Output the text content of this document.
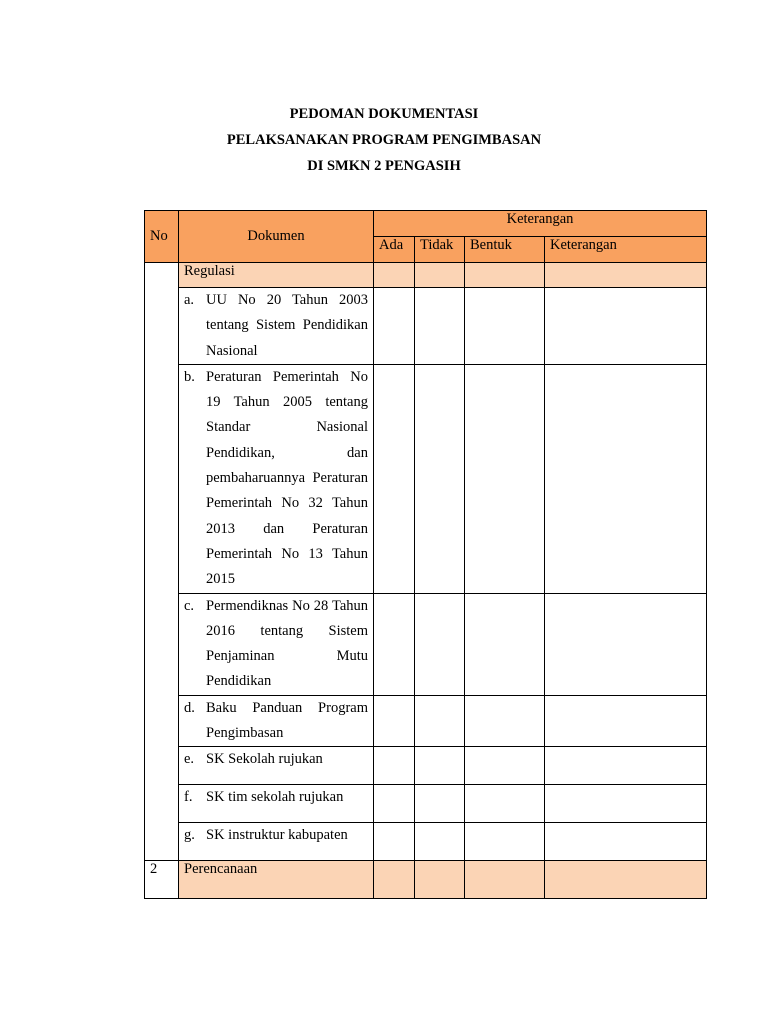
PEDOMAN DOKUMENTASI

PELAKSANAKAN PROGRAM PENGIMBASAN

DI SMKN 2 PENGASIH

No	Dokumen	Keterangan			
		Ada	Tidak	Bentuk	Keterangan
	Regulasi				

	a. UU No 20 Tahun 2003 tentang Sistem Pendidikan Nasional				

	b. Peraturan Pemerintah No 19 Tahun 2005 tentang Standar Nasional Pendidikan, dan pembaharuannya Peraturan Pemerintah No 32 Tahun 2013 dan Peraturan Pemerintah No 13 Tahun 2015				

	c. Permendiknas No 28 Tahun 2016 tentang Sistem Penjaminan Mutu Pendidikan				

	d. Baku Panduan Program Pengimbasan				

	e. SK Sekolah rujukan				

	f. SK tim sekolah rujukan				

	g. SK instruktur kabupaten				

2	Perencanaan				
